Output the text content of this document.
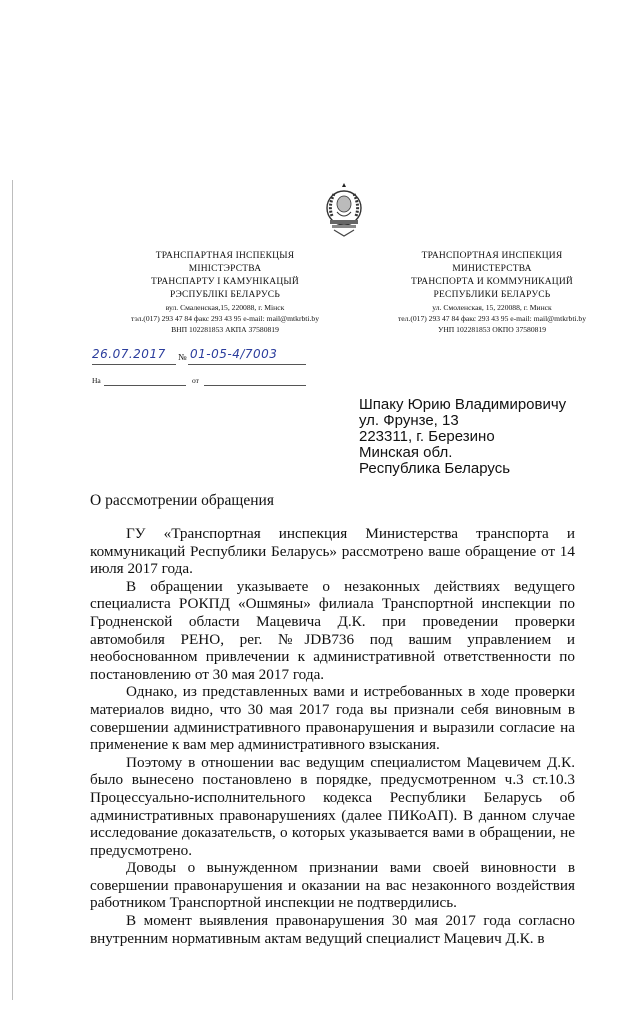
ТРАНСПАРТНАЯ ІНСПЕКЦЫЯ
МІНІСТЭРСТВА
ТРАНСПАРТУ І КАМУНІКАЦЫЙ
РЭСПУБЛІКІ БЕЛАРУСЬ
вул. Смаленская,15, 220088, г. Мінск
тэл.(017) 293 47 84 факс 293 43 95 e-mail: mail@mtkrbti.by
ВНП 102281853 АКПА 37580819
ТРАНСПОРТНАЯ ИНСПЕКЦИЯ
МИНИСТЕРСТВА
ТРАНСПОРТА И КОММУНИКАЦИЙ
РЕСПУБЛИКИ БЕЛАРУСЬ
ул. Смоленская, 15, 220088, г. Минск
тел.(017) 293 47 84 факс 293 43 95 e-mail: mail@mtkrbti.by
УНП 102281853 ОКПО 37580819
26.07.2017 № 01-05-4/7003
На	от
Шпаку Юрию Владимировичу
ул. Фрунзе, 13
223311, г. Березино
Минская обл.
Республика Беларусь
О рассмотрении обращения

ГУ «Транспортная инспекция Министерства транспорта и коммуникаций Республики Беларусь» рассмотрено ваше обращение от 14 июля 2017 года.

В обращении указываете о незаконных действиях ведущего специалиста РОКПД «Ошмяны» филиала Транспортной инспекции по Гродненской области Мацевича Д.К. при проведении проверки автомобиля РЕНО, рег. №JDB736 под вашим управлением и необоснованном привлечении к административной ответственности по постановлению от 30 мая 2017 года.

Однако, из представленных вами и истребованных в ходе проверки материалов видно, что 30 мая 2017 года вы признали себя виновным в совершении административного правонарушения и выразили согласие на применение к вам мер административного взыскания.

Поэтому в отношении вас ведущим специалистом Мацевичем Д.К. было вынесено постановлено в порядке, предусмотренном ч.3 ст.10.3 Процессуально-исполнительного кодекса Республики Беларусь об административных правонарушениях (далее ПИКоАП). В данном случае исследование доказательств, о которых указывается вами в обращении, не предусмотрено.

Доводы о вынужденном признании вами своей виновности в совершении правонарушения и оказании на вас незаконного воздействия работником Транспортной инспекции не подтвердились.

В момент выявления правонарушения 30 мая 2017 года согласно внутренним нормативным актам ведущий специалист Мацевич Д.К. в
